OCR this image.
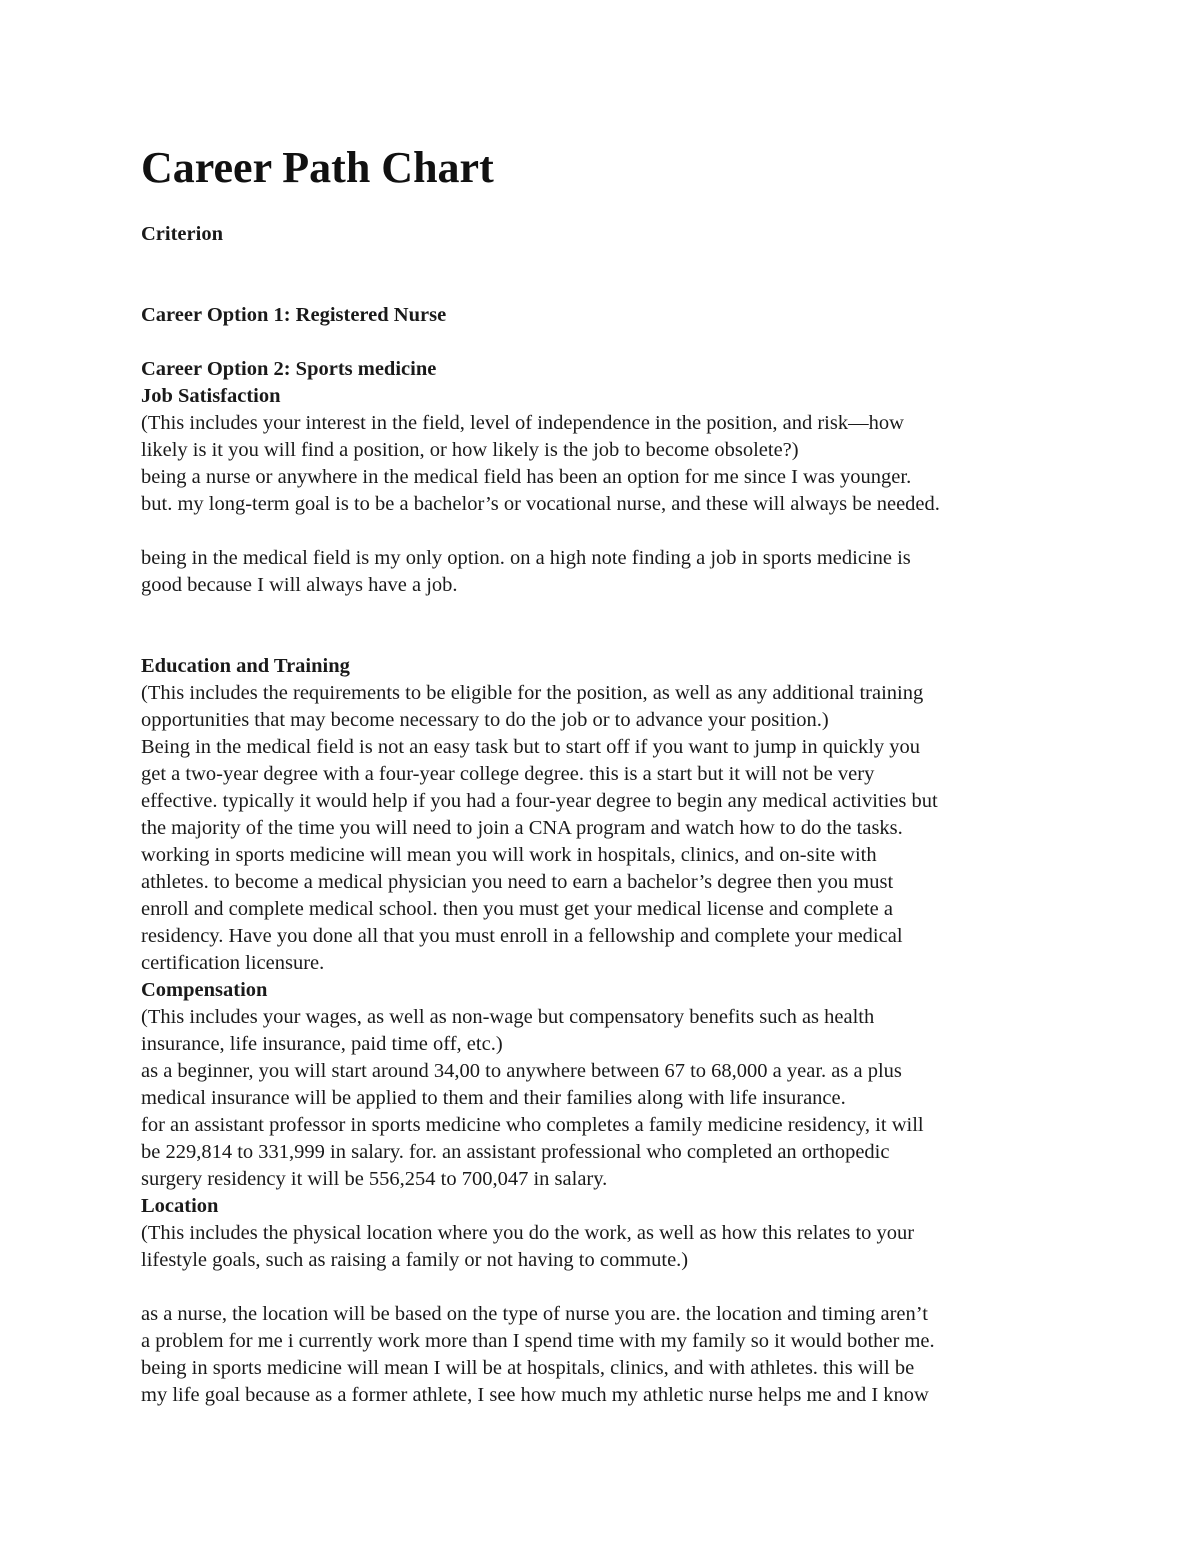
Career Path Chart
Criterion
Career Option 1: Registered Nurse
Career Option 2: Sports medicine
Job Satisfaction
(This includes your interest in the field, level of independence in the position, and risk—how
likely is it you will find a position, or how likely is the job to become obsolete?)
being a nurse or anywhere in the medical field has been an option for me since I was younger.
but. my long-term goal is to be a bachelor’s or vocational nurse, and these will always be needed.
being in the medical field is my only option. on a high note finding a job in sports medicine is
good because I will always have a job.
Education and Training
(This includes the requirements to be eligible for the position, as well as any additional training
opportunities that may become necessary to do the job or to advance your position.)
Being in the medical field is not an easy task but to start off if you want to jump in quickly you
get a two-year degree with a four-year college degree. this is a start but it will not be very
effective. typically it would help if you had a four-year degree to begin any medical activities but
the majority of the time you will need to join a CNA program and watch how to do the tasks.
working in sports medicine will mean you will work in hospitals, clinics, and on-site with
athletes. to become a medical physician you need to earn a bachelor’s degree then you must
enroll and complete medical school. then you must get your medical license and complete a
residency. Have you done all that you must enroll in a fellowship and complete your medical
certification licensure.
Compensation
(This includes your wages, as well as non-wage but compensatory benefits such as health
insurance, life insurance, paid time off, etc.)
as a beginner, you will start around 34,00 to anywhere between 67 to 68,000 a year. as a plus
medical insurance will be applied to them and their families along with life insurance.
for an assistant professor in sports medicine who completes a family medicine residency, it will
be 229,814 to 331,999 in salary. for. an assistant professional who completed an orthopedic
surgery residency it will be 556,254 to 700,047 in salary.
Location
(This includes the physical location where you do the work, as well as how this relates to your
lifestyle goals, such as raising a family or not having to commute.)
as a nurse, the location will be based on the type of nurse you are. the location and timing aren’t
a problem for me i currently work more than I spend time with my family so it would bother me.
being in sports medicine will mean I will be at hospitals, clinics, and with athletes. this will be
my life goal because as a former athlete, I see how much my athletic nurse helps me and I know
